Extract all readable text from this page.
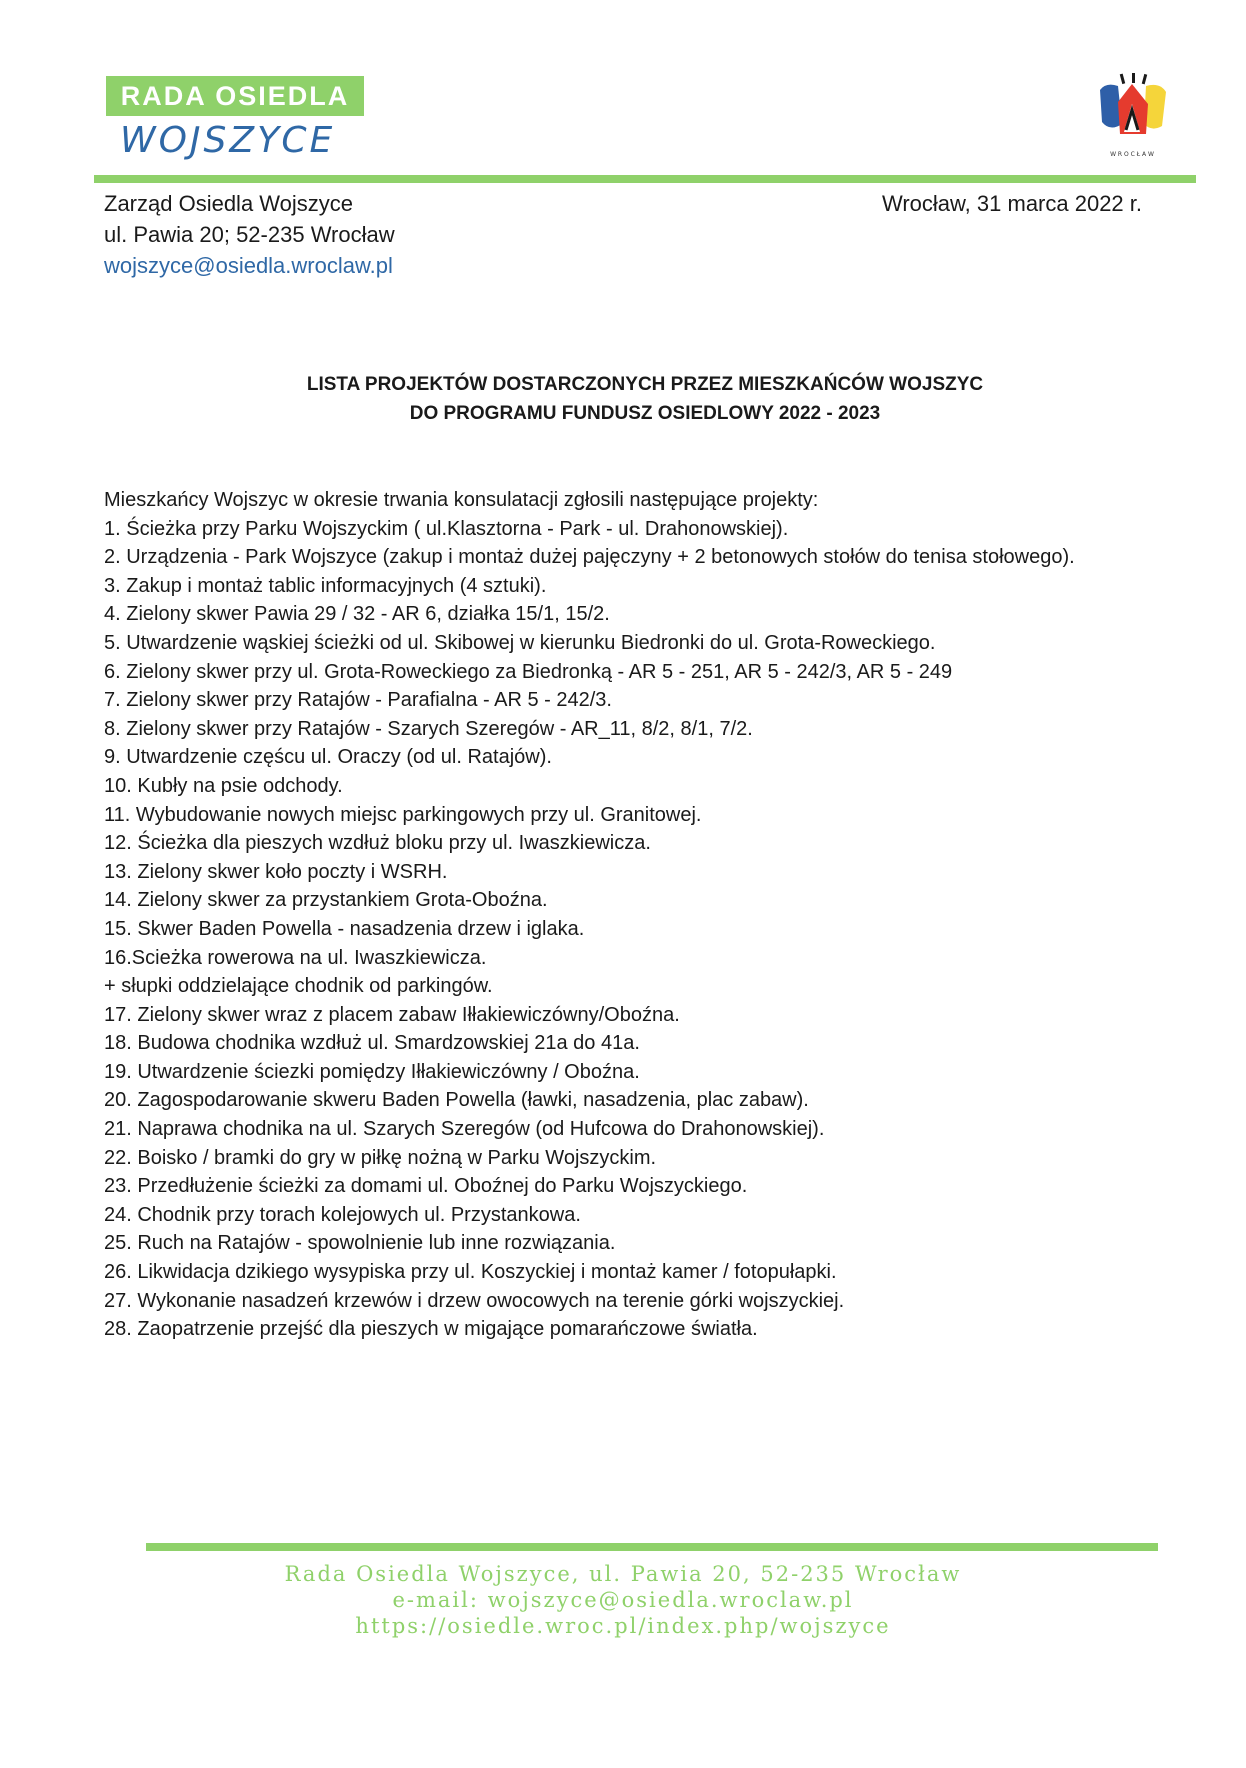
RADA OSIEDLA
WOJSZYCE	W R O C Ł A W
Zarząd Osiedla Wojszyce
ul. Pawia 20; 52-235 Wrocław
wojszyce@osiedla.wroclaw.pl
Wrocław, 31 marca 2022 r.
LISTA PROJEKTÓW DOSTARCZONYCH PRZEZ MIESZKAŃCÓW WOJSZYC
DO PROGRAMU FUNDUSZ OSIEDLOWY 2022 - 2023
Mieszkańcy Wojszyc w okresie trwania konsulatacji zgłosili następujące projekty:
1. Ścieżka przy Parku Wojszyckim ( ul.Klasztorna - Park - ul. Drahonowskiej).
2. Urządzenia - Park Wojszyce (zakup i montaż dużej pajęczyny + 2 betonowych stołów do tenisa stołowego).
3. Zakup i montaż tablic informacyjnych (4 sztuki).
4. Zielony skwer Pawia 29 / 32 - AR 6, działka 15/1, 15/2.
5. Utwardzenie wąskiej ścieżki od ul. Skibowej w kierunku Biedronki do ul. Grota-Roweckiego.
6. Zielony skwer przy ul. Grota-Roweckiego za Biedronką - AR 5 - 251, AR 5 - 242/3, AR 5 - 249
7. Zielony skwer przy Ratajów - Parafialna - AR 5 - 242/3.
8. Zielony skwer przy Ratajów - Szarych Szeregów - AR_11, 8/2, 8/1, 7/2.
9. Utwardzenie częścu ul. Oraczy (od ul. Ratajów).
10. Kubły na psie odchody.
11. Wybudowanie nowych miejsc parkingowych przy ul. Granitowej.
12. Ścieżka dla pieszych wzdłuż bloku przy ul. Iwaszkiewicza.
13. Zielony skwer koło poczty i WSRH.
14. Zielony skwer za przystankiem Grota-Oboźna.
15. Skwer Baden Powella - nasadzenia drzew i iglaka.
16.Scieżka rowerowa na ul. Iwaszkiewicza.
+ słupki oddzielające chodnik od parkingów.
17. Zielony skwer wraz z placem zabaw Iłłakiewiczówny/Oboźna.
18. Budowa chodnika wzdłuż ul. Smardzowskiej 21a do 41a.
19. Utwardzenie ściezki pomiędzy Iłłakiewiczówny / Oboźna.
20. Zagospodarowanie skweru Baden Powella (ławki, nasadzenia, plac zabaw).
21. Naprawa chodnika na ul. Szarych Szeregów (od Hufcowa do Drahonowskiej).
22. Boisko / bramki do gry w piłkę nożną w Parku Wojszyckim.
23. Przedłużenie ścieżki za domami ul. Oboźnej do Parku Wojszyckiego.
24. Chodnik przy torach kolejowych ul. Przystankowa.
25. Ruch na Ratajów - spowolnienie lub inne rozwiązania.
26. Likwidacja dzikiego wysypiska przy ul. Koszyckiej i montaż kamer / fotopułapki.
27. Wykonanie nasadzeń krzewów i drzew owocowych na terenie górki wojszyckiej.
28. Zaopatrzenie przejść dla pieszych w migające pomarańczowe światła.
Rada Osiedla Wojszyce, ul. Pawia 20, 52-235 Wrocław
e-mail: wojszyce@osiedla.wroclaw.pl
https://osiedle.wroc.pl/index.php/wojszyce
